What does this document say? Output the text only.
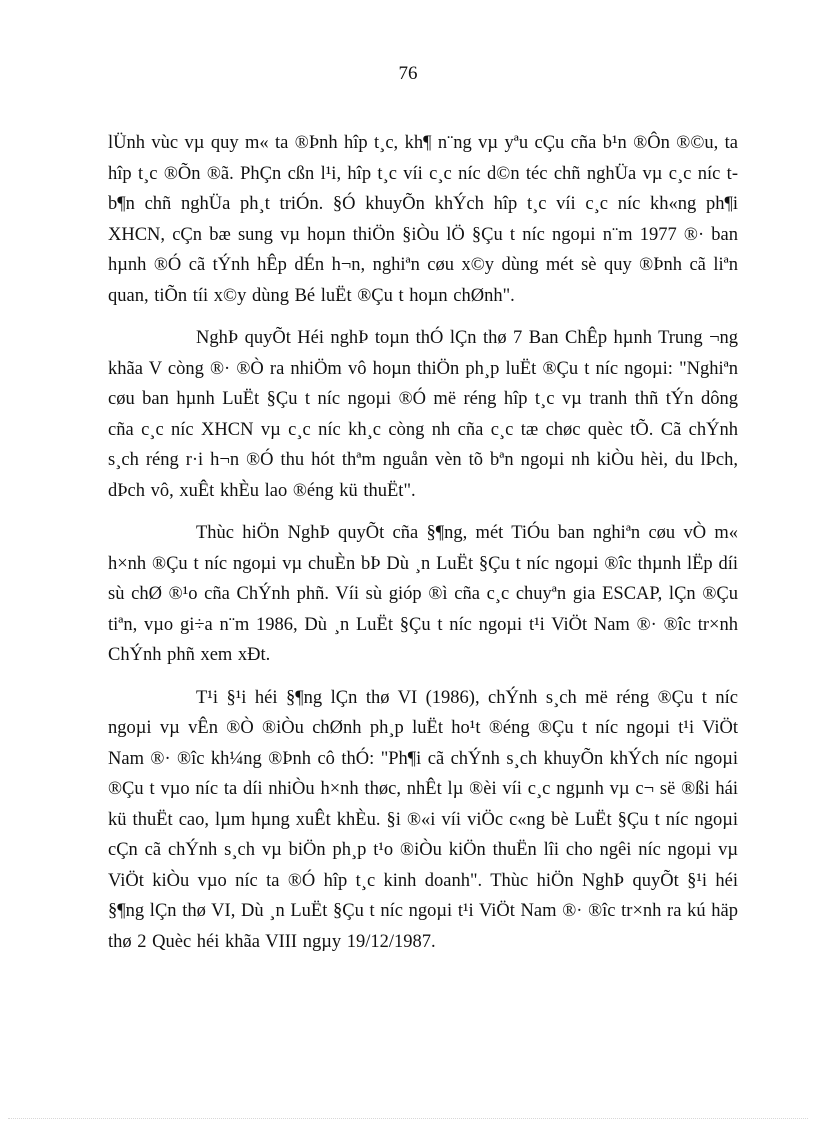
76

lÜnh vùc vµ quy m« ta ®Þnh hîp t¸c, kh¶ n¨ng vµ yªu cÇu cña b¹n ®Ôn ®©u, ta hîp t¸c ®Õn ®ã. PhÇn cßn l¹i, hîp t¸c víi c¸c níc d©n téc chñ nghÜa vµ c¸c níc t b¶n chñ nghÜa ph¸t triÓn. §Ó khuyÕn khÝch hîp t¸c víi c¸c níc kh«ng ph¶i XHCN, cÇn bæ sung vµ hoµn thiÖn §iÒu lÖ §Çu t níc ngoµi n¨m 1977 ®· ban hµnh ®Ó cã tÝnh hÊp dÉn h¬n, nghiªn cøu x©y dùng mét sè quy ®Þnh cã liªn quan, tiÕn tíi x©y dùng Bé luËt ®Çu t hoµn chØnh".

NghÞ quyÕt Héi nghÞ toµn thÓ lÇn thø 7 Ban ChÊp hµnh Trung ¬ng khãa V còng ®· ®Ò ra nhiÖm vô hoµn thiÖn ph¸p luËt ®Çu t níc ngoµi: "Nghiªn cøu ban hµnh LuËt §Çu t níc ngoµi ®Ó më réng hîp t¸c vµ tranh thñ tÝn dông cña c¸c níc XHCN vµ c¸c níc kh¸c còng nh cña c¸c tæ chøc quèc tÕ. Cã chÝnh s¸ch réng r·i h¬n ®Ó thu hót thªm nguån vèn tõ bªn ngoµi nh kiÒu hèi, du lÞch, dÞch vô, xuÊt khÈu lao ®éng kü thuËt".

Thùc hiÖn NghÞ quyÕt cña §¶ng, mét TiÓu ban nghiªn cøu vÒ m« h×nh ®Çu t níc ngoµi vµ chuÈn bÞ Dù ¸n LuËt §Çu t níc ngoµi ®îc thµnh lËp díi sù chØ ®¹o cña ChÝnh phñ. Víi sù gióp ®ì cña c¸c chuyªn gia ESCAP, lÇn ®Çu tiªn, vµo gi÷a n¨m 1986, Dù ¸n LuËt §Çu t níc ngoµi t¹i ViÖt Nam ®· ®îc tr×nh ChÝnh phñ xem xÐt.

T¹i §¹i héi §¶ng lÇn thø VI (1986), chÝnh s¸ch më réng ®Çu t níc ngoµi vµ vÊn ®Ò ®iÒu chØnh ph¸p luËt ho¹t ®éng ®Çu t níc ngoµi t¹i ViÖt Nam ®· ®îc kh¼ng ®Þnh cô thÓ: "Ph¶i cã chÝnh s¸ch khuyÕn khÝch níc ngoµi ®Çu t vµo níc ta díi nhiÒu h×nh thøc, nhÊt lµ ®èi víi c¸c ngµnh vµ c¬ së ®ßi hái kü thuËt cao, lµm hµng xuÊt khÈu. §i ®«i víi viÖc c«ng bè LuËt §Çu t níc ngoµi cÇn cã chÝnh s¸ch vµ biÖn ph¸p t¹o ®iÒu kiÖn thuËn lîi cho ngêi níc ngoµi vµ ViÖt kiÒu vµo níc ta ®Ó hîp t¸c kinh doanh". Thùc hiÖn NghÞ quyÕt §¹i héi §¶ng lÇn thø VI, Dù ¸n LuËt §Çu t níc ngoµi t¹i ViÖt Nam ®· ®îc tr×nh ra kú häp thø 2 Quèc héi khãa VIII ngµy 19/12/1987.
